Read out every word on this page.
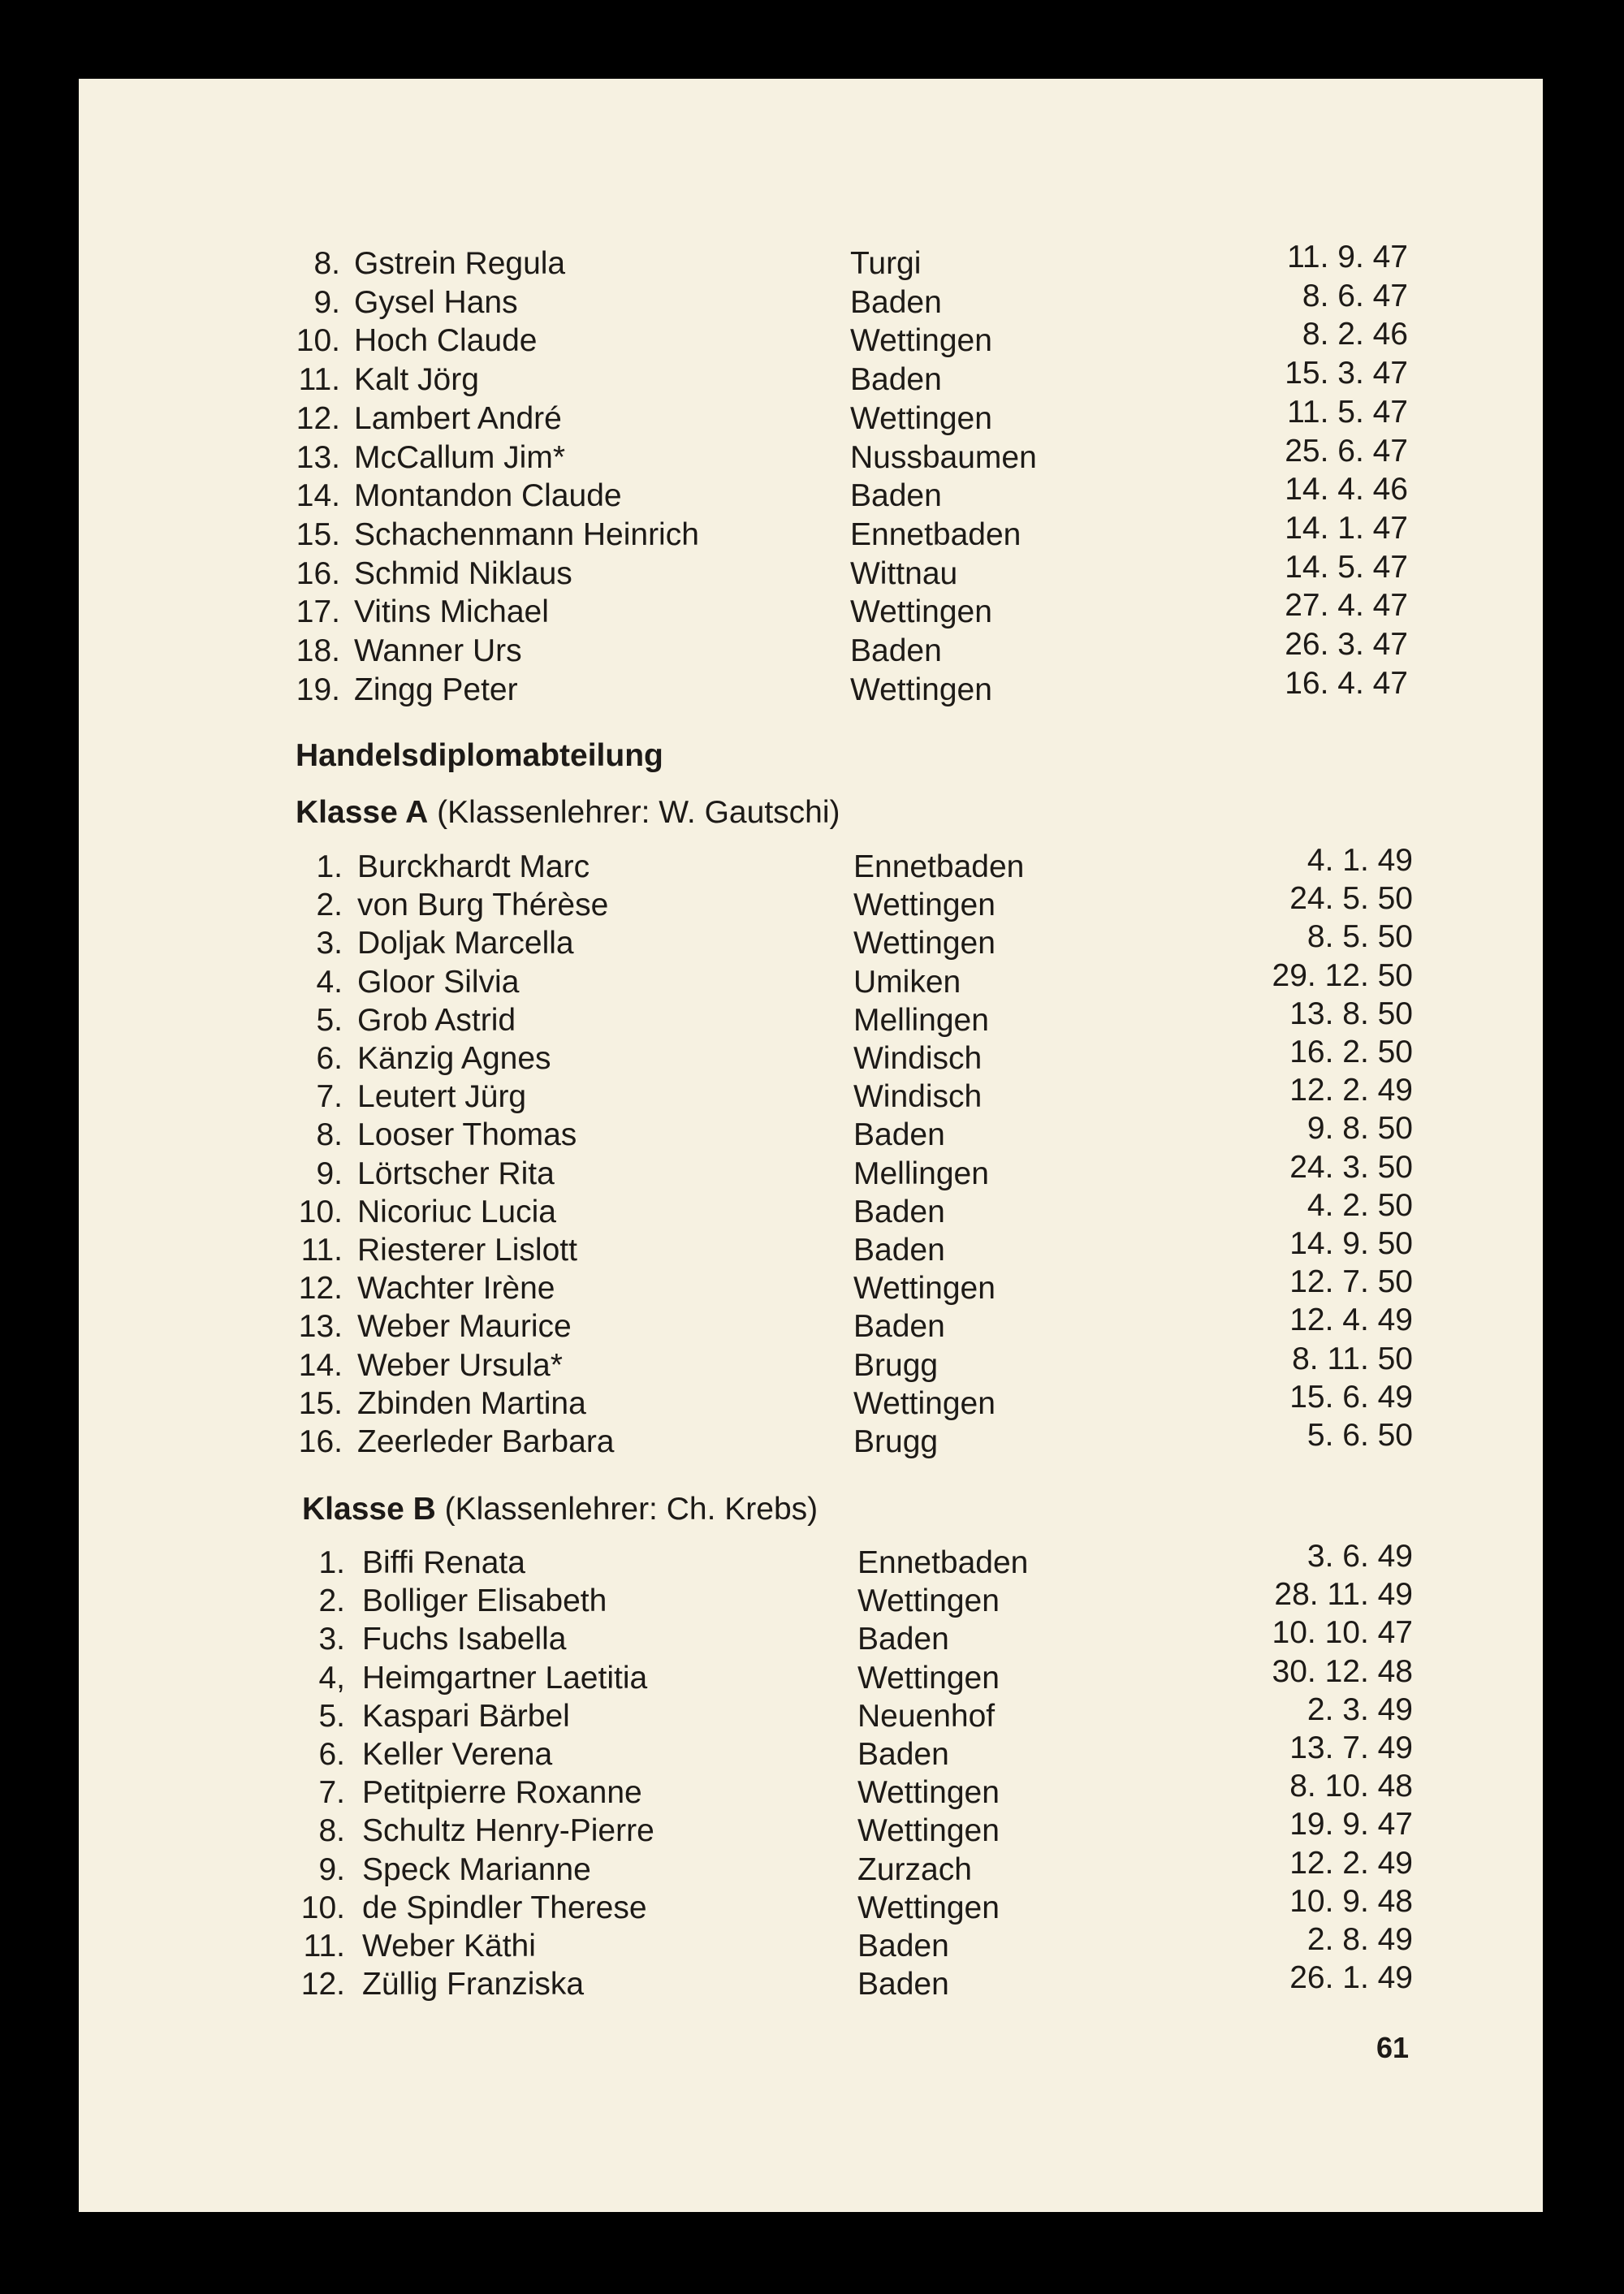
8. Gstrein Regula	Turgi	11. 9. 47
9. Gysel Hans	Baden	8. 6. 47
10. Hoch Claude	Wettingen	8. 2. 46
11. Kalt Jörg	Baden	15. 3. 47
12. Lambert André	Wettingen	11. 5. 47
13. McCallum Jim*	Nussbaumen	25. 6. 47
14. Montandon Claude	Baden	14. 4. 46
15. Schachenmann Heinrich	Ennetbaden	14. 1. 47
16. Schmid Niklaus	Wittnau	14. 5. 47
17. Vitins Michael	Wettingen	27. 4. 47
18. Wanner Urs	Baden	26. 3. 47
19. Zingg Peter	Wettingen	16. 4. 47
Handelsdiplomabteilung
Klasse A (Klassenlehrer: W. Gautschi)
1. Burckhardt Marc	Ennetbaden	4. 1. 49
2. von Burg Thérèse	Wettingen	24. 5. 50
3. Doljak Marcella	Wettingen	8. 5. 50
4. Gloor Silvia	Umiken	29. 12. 50
5. Grob Astrid	Mellingen	13. 8. 50
6. Känzig Agnes	Windisch	16. 2. 50
7. Leutert Jürg	Windisch	12. 2. 49
8. Looser Thomas	Baden	9. 8. 50
9. Lörtscher Rita	Mellingen	24. 3. 50
10. Nicoriuc Lucia	Baden	4. 2. 50
11. Riesterer Lislott	Baden	14. 9. 50
12. Wachter Irène	Wettingen	12. 7. 50
13. Weber Maurice	Baden	12. 4. 49
14. Weber Ursula*	Brugg	8. 11. 50
15. Zbinden Martina	Wettingen	15. 6. 49
16. Zeerleder Barbara	Brugg	5. 6. 50
Klasse B (Klassenlehrer: Ch. Krebs)
1. Biffi Renata	Ennetbaden	3. 6. 49
2. Bolliger Elisabeth	Wettingen	28. 11. 49
3. Fuchs Isabella	Baden	10. 10. 47
4, Heimgartner Laetitia	Wettingen	30. 12. 48
5. Kaspari Bärbel	Neuenhof	2. 3. 49
6. Keller Verena	Baden	13. 7. 49
7. Petitpierre Roxanne	Wettingen	8. 10. 48
8. Schultz Henry-Pierre	Wettingen	19. 9. 47
9. Speck Marianne	Zurzach	12. 2. 49
10. de Spindler Therese	Wettingen	10. 9. 48
11. Weber Käthi	Baden	2. 8. 49
12. Züllig Franziska	Baden	26. 1. 49
61
